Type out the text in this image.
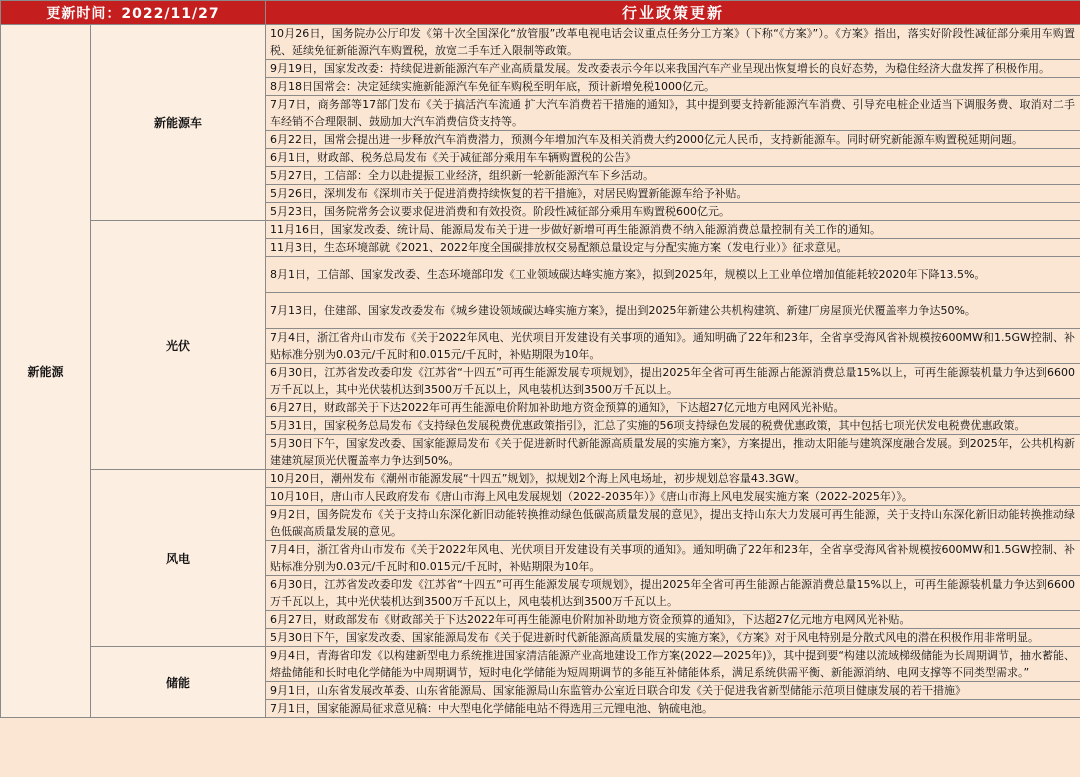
更新时间：2022/11/27		行业政策更新
新能源	新能源车	10月26日，国务院办公厅印发《第十次全国深化“放管服”改革电视电话会议重点任务分工方案》（下称“《方案》”）。《方案》指出，落实好阶段性减征部分乘用车购置税、延续免征新能源汽车购置税，放宽二手车迁入限制等政策。
		9月19日，国家发改委：持续促进新能源汽车产业高质量发展。发改委表示今年以来我国汽车产业呈现出恢复增长的良好态势，为稳住经济大盘发挥了积极作用。
		8月18日国常会：决定延续实施新能源汽车免征车购税至明年底，预计新增免税1000亿元。
		7月7日，商务部等17部门发布《关于搞活汽车流通 扩大汽车消费若干措施的通知》，其中提到要支持新能源汽车消费、引导充电桩企业适当下调服务费、取消对二手车经销不合理限制、鼓励加大汽车消费信贷支持等。
		6月22日，国常会提出进一步释放汽车消费潜力，预测今年增加汽车及相关消费大约2000亿元人民币，支持新能源车。同时研究新能源车购置税延期问题。
		6月1日，财政部、税务总局发布《关于减征部分乘用车车辆购置税的公告》
		5月27日，工信部：全力以赴提振工业经济，组织新一轮新能源汽车下乡活动。
		5月26日，深圳发布《深圳市关于促进消费持续恢复的若干措施》，对居民购置新能源车给予补贴。
		5月23日，国务院常务会议要求促进消费和有效投资。阶段性减征部分乘用车购置税600亿元。
	光伏	11月16日，国家发改委、统计局、能源局发布关于进一步做好新增可再生能源消费不纳入能源消费总量控制有关工作的通知。
		11月3日，生态环境部就《2021、2022年度全国碳排放权交易配额总量设定与分配实施方案（发电行业）》征求意见。
		8月1日，工信部、国家发改委、生态环境部印发《工业领域碳达峰实施方案》，拟到2025年，规模以上工业单位增加值能耗较2020年下降13.5%。
		7月13日，住建部、国家发改委发布《城乡建设领域碳达峰实施方案》，提出到2025年新建公共机构建筑、新建厂房屋顶光伏覆盖率力争达50%。
		7月4日，浙江省舟山市发布《关于2022年风电、光伏项目开发建设有关事项的通知》。通知明确了22年和23年，全省享受海风省补规模按600MW和1.5GW控制、补贴标准分别为0.03元/千瓦时和0.015元/千瓦时，补贴期限为10年。
		6月30日，江苏省发改委印发《江苏省“十四五”可再生能源发展专项规划》，提出2025年全省可再生能源占能源消费总量15%以上，可再生能源装机量力争达到6600万千瓦以上，其中光伏装机达到3500万千瓦以上，风电装机达到3500万千瓦以上。
		6月27日，财政部关于下达2022年可再生能源电价附加补助地方资金预算的通知》，下达超27亿元地方电网风光补贴。
		5月31日，国家税务总局发布《支持绿色发展税费优惠政策指引》，汇总了实施的56项支持绿色发展的税费优惠政策，其中包括七项光伏发电税费优惠政策。
		5月30日下午，国家发改委、国家能源局发布《关于促进新时代新能源高质量发展的实施方案》，方案提出，推动太阳能与建筑深度融合发展。到2025年，公共机构新建建筑屋顶光伏覆盖率力争达到50%。
	风电	10月20日，潮州发布《潮州市能源发展“十四五”规划》，拟规划2个海上风电场址，初步规划总容量43.3GW。
		10月10日，唐山市人民政府发布《唐山市海上风电发展规划（2022-2035年）》《唐山市海上风电发展实施方案（2022-2025年）》。
		9月2日，国务院发布《关于支持山东深化新旧动能转换推动绿色低碳高质量发展的意见》，提出支持山东大力发展可再生能源，关于支持山东深化新旧动能转换推动绿色低碳高质量发展的意见。
		7月4日，浙江省舟山市发布《关于2022年风电、光伏项目开发建设有关事项的通知》。通知明确了22年和23年，全省享受海风省补规模按600MW和1.5GW控制、补贴标准分别为0.03元/千瓦时和0.015元/千瓦时，补贴期限为10年。
		6月30日，江苏省发改委印发《江苏省“十四五”可再生能源发展专项规划》，提出2025年全省可再生能源占能源消费总量15%以上，可再生能源装机量力争达到6600万千瓦以上，其中光伏装机达到3500万千瓦以上，风电装机达到3500万千瓦以上。
		6月27日，财政部发布《财政部关于下达2022年可再生能源电价附加补助地方资金预算的通知》，下达超27亿元地方电网风光补贴。
		5月30日下午，国家发改委、国家能源局发布《关于促进新时代新能源高质量发展的实施方案》，《方案》对于风电特别是分散式风电的潜在积极作用非常明显。
	储能	9月4日，青海省印发《以构建新型电力系统推进国家清洁能源产业高地建设工作方案(2022—2025年)》，其中提到要“构建以流域梯级储能为长周期调节，抽水蓄能、熔盐储能和长时电化学储能为中周期调节，短时电化学储能为短周期调节的多能互补储能体系，满足系统供需平衡、新能源消纳、电网支撑等不同类型需求。”
		9月1日，山东省发展改革委、山东省能源局、国家能源局山东监管办公室近日联合印发《关于促进我省新型储能示范项目健康发展的若干措施》
		7月1日，国家能源局征求意见稿：中大型电化学储能电站不得选用三元锂电池、钠硫电池。
